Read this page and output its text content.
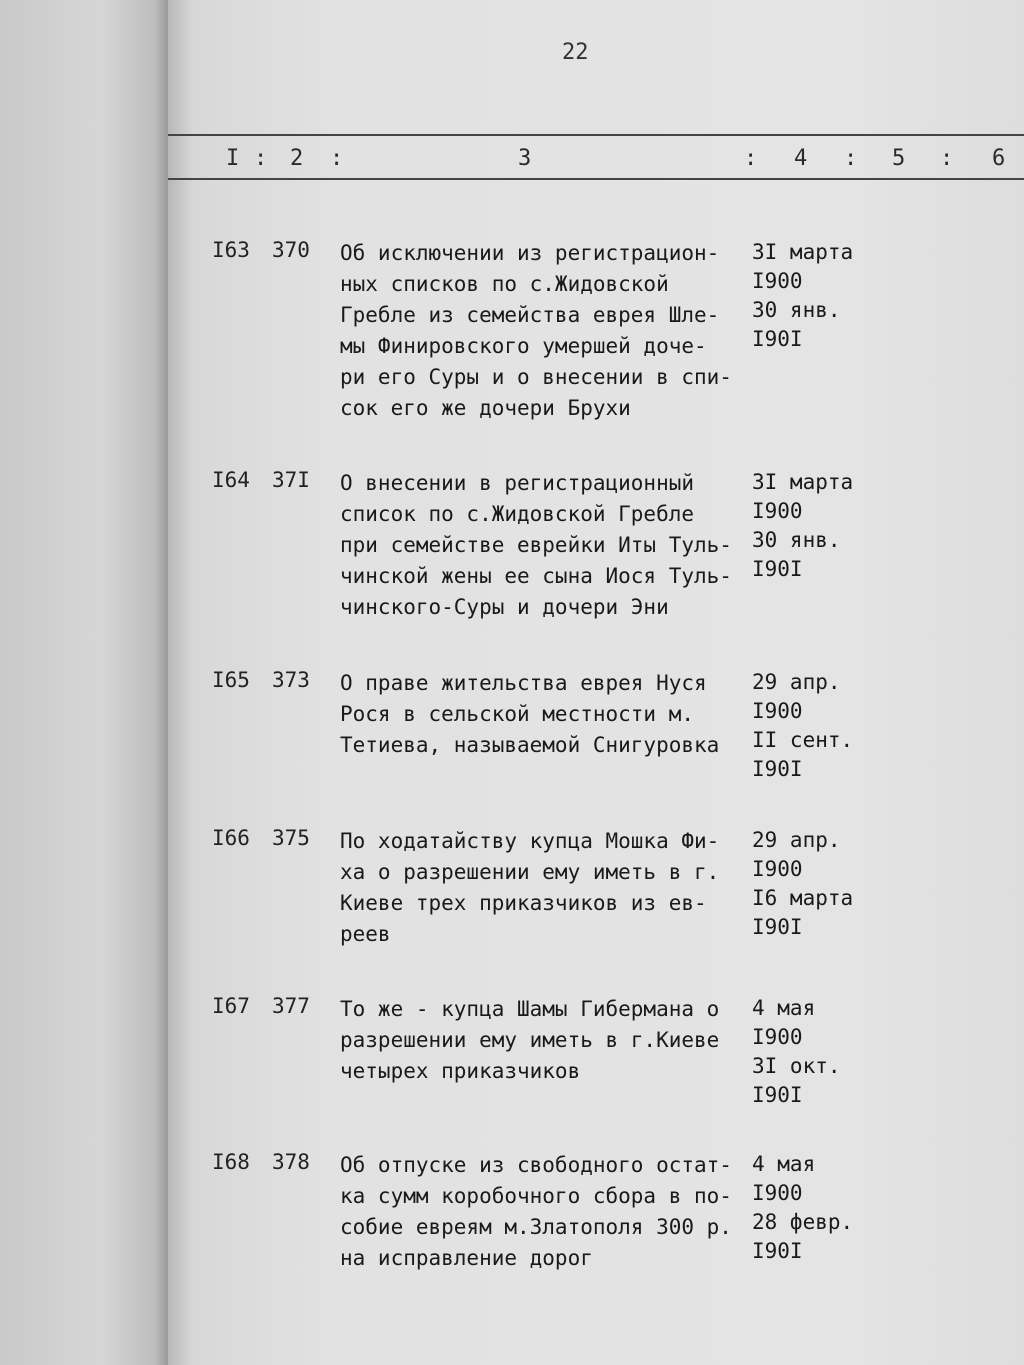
22
I : 2 :	3	: 4 : 5 : 6
I63 370 Об исключении из регистрацион-
ных списков по с.Жидовской
Гребле из семейства еврея Шле-
мы Финировского умершей доче-
ри его Суры и о внесении в спи-
сок его же дочери Брухи
3I марта
I900
30 янв.
I90I
I64 37I О внесении в регистрационный
список по с.Жидовской Гребле
при семействе еврейки Иты Туль-
чинской жены ее сына Иося Туль-
чинского-Суры и дочери Эни
3I марта
I900
30 янв.
I90I
I65 373 О праве жительства еврея Нуся
Рося в сельской местности м.
Тетиева, называемой Снигуровка
29 апр.
I900
II сент.
I90I
I66 375 По ходатайству купца Мошка Фи-
ха о разрешении ему иметь в г.
Киеве трех приказчиков из ев-
реев
29 апр.
I900
I6 марта
I90I
I67 377 То же - купца Шамы Гибермана о
разрешении ему иметь в г.Киеве
четырех приказчиков
4 мая
I900
3I окт.
I90I
I68 378 Об отпуске из свободного остат-
ка сумм коробочного сбора в по-
собие евреям м.Златополя 300 р.
на исправление дорог
4 мая
I900
28 февр.
I90I
